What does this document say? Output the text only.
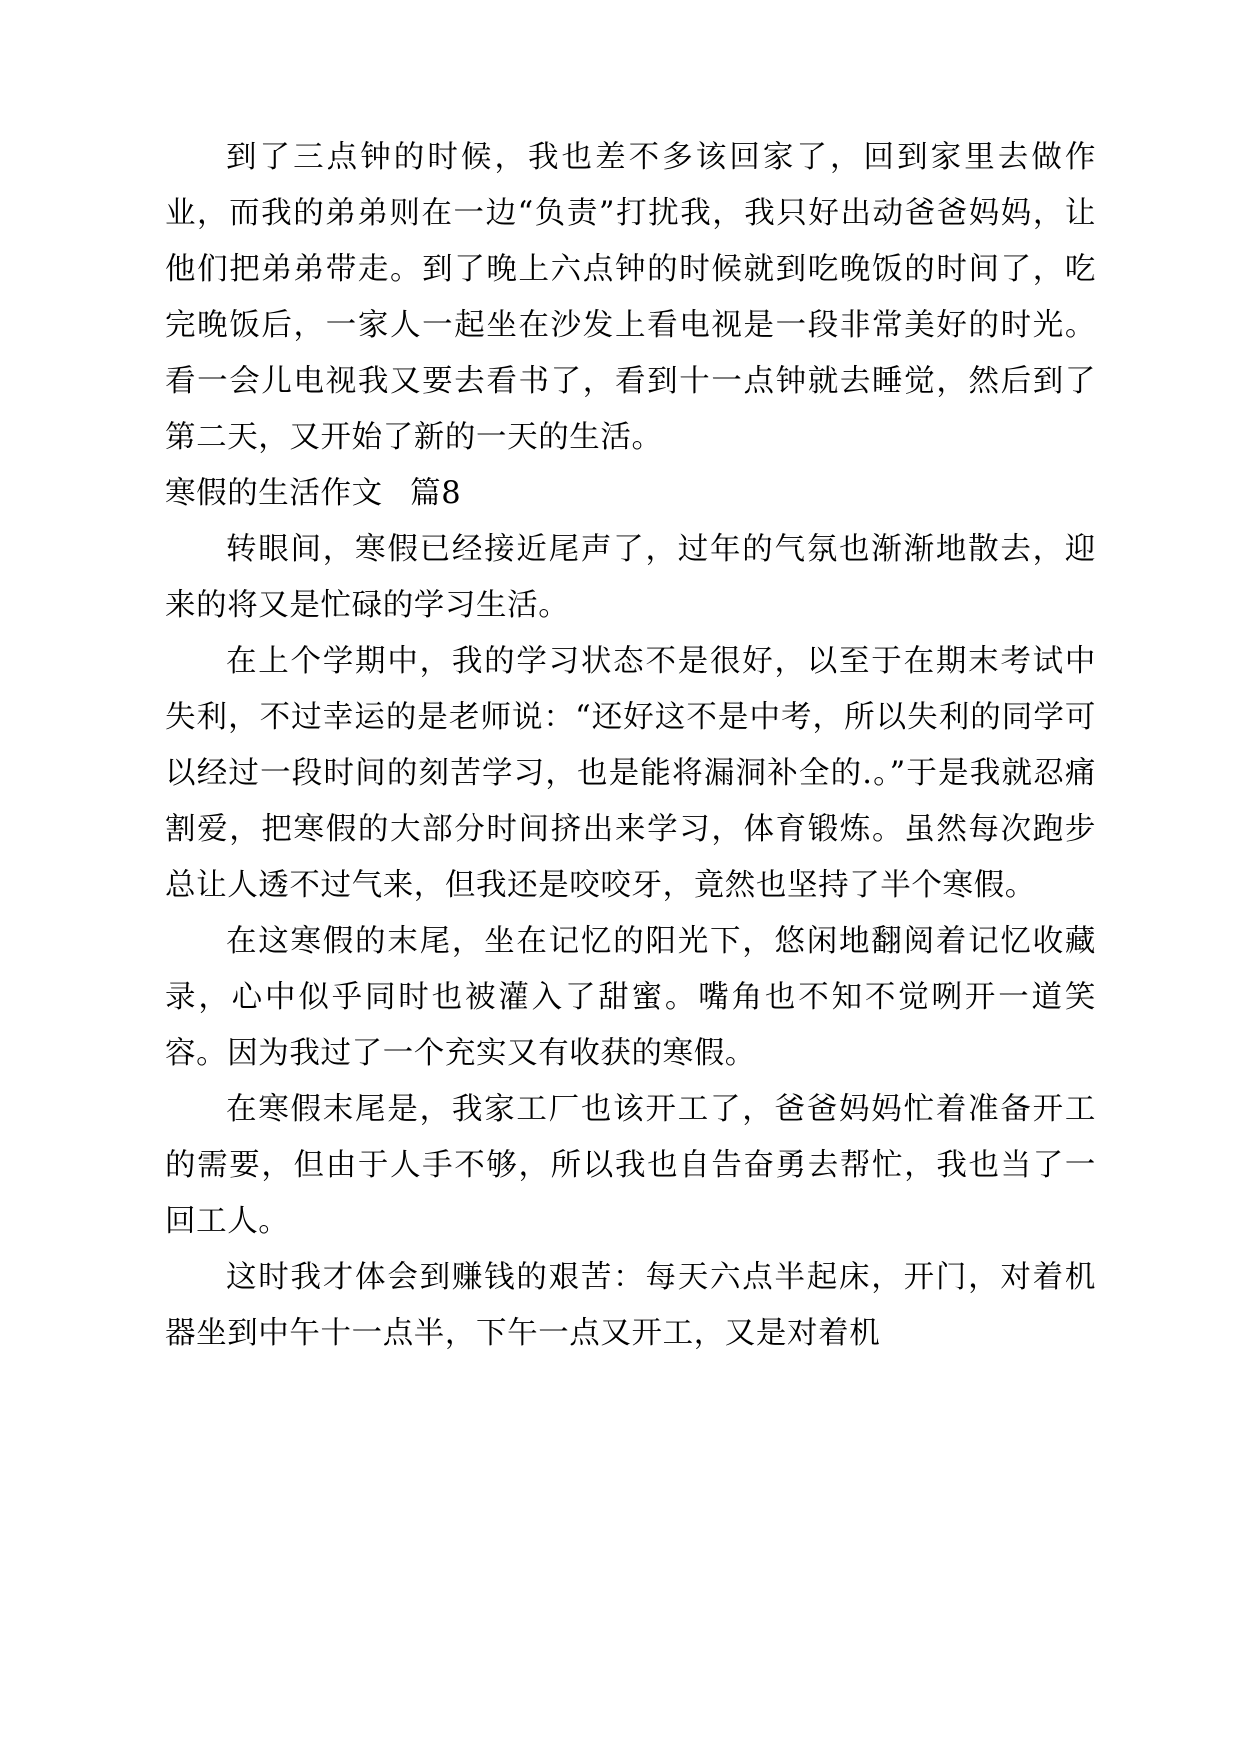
到了三点钟的时候，我也差不多该回家了，回到家里去做作业，而我的弟弟则在一边“负责”打扰我，我只好出动爸爸妈妈，让他们把弟弟带走。到了晚上六点钟的时候就到吃晚饭的时间了，吃完晚饭后，一家人一起坐在沙发上看电视是一段非常美好的时光。看一会儿电视我又要去看书了，看到十一点钟就去睡觉，然后到了第二天，又开始了新的一天的生活。

寒假的生活作文 篇8

转眼间，寒假已经接近尾声了，过年的气氛也渐渐地散去，迎来的将又是忙碌的学习生活。

在上个学期中，我的学习状态不是很好，以至于在期末考试中失利，不过幸运的是老师说：“还好这不是中考，所以失利的同学可以经过一段时间的刻苦学习，也是能将漏洞补全的.。”于是我就忍痛割爱，把寒假的大部分时间挤出来学习，体育锻炼。虽然每次跑步总让人透不过气来，但我还是咬咬牙，竟然也坚持了半个寒假。

在这寒假的末尾，坐在记忆的阳光下，悠闲地翻阅着记忆收藏录，心中似乎同时也被灌入了甜蜜。嘴角也不知不觉咧开一道笑容。因为我过了一个充实又有收获的寒假。

在寒假末尾是，我家工厂也该开工了，爸爸妈妈忙着准备开工的需要，但由于人手不够，所以我也自告奋勇去帮忙，我也当了一回工人。

这时我才体会到赚钱的艰苦：每天六点半起床，开门，对着机器坐到中午十一点半，下午一点又开工，又是对着机
